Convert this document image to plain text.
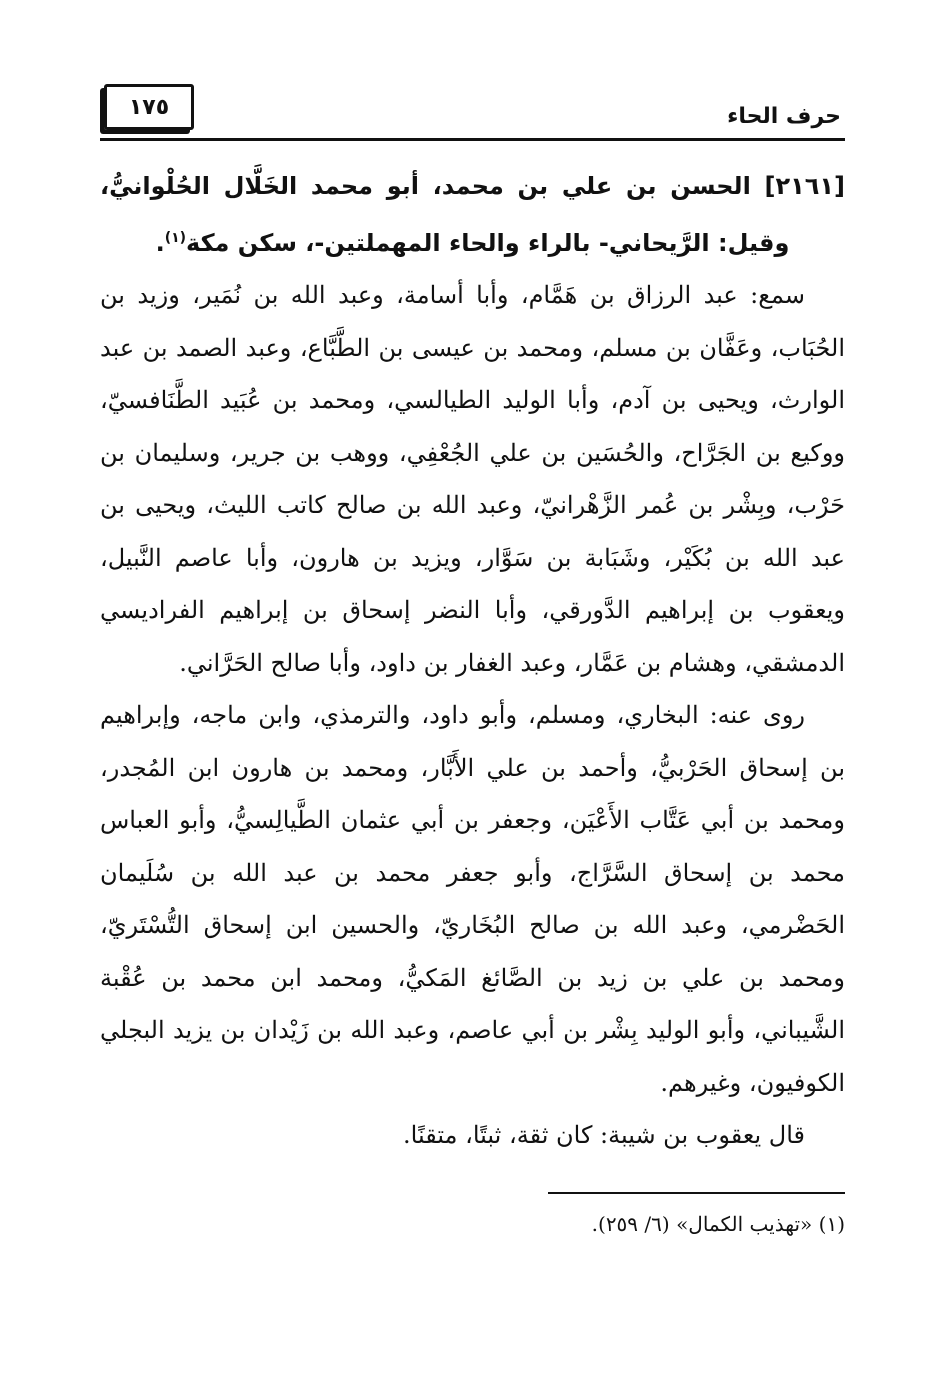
حرف الحاء
١٧٥

[٢١٦١] الحسن بن علي بن محمد، أبو محمد الخَلَّال الحُلْوانيُّ، وقيل: الرَّيحاني- بالراء والحاء المهملتين-، سكن مكة$^{(١)}$.

سمع: عبد الرزاق بن هَمَّام، وأبا أسامة، وعبد الله بن نُمَير، وزيد بن الحُبَاب، وعَفَّان بن مسلم، ومحمد بن عيسى بن الطَّبَّاع، وعبد الصمد بن عبد الوارث، ويحيى بن آدم، وأبا الوليد الطيالسي، ومحمد بن عُبَيد الطَّنَافسيّ، ووكيع بن الجَرَّاح، والحُسَين بن علي الجُعْفِي، ووهب بن جرير، وسليمان بن حَرْب، وبِشْر بن عُمر الزَّهْرانيّ، وعبد الله بن صالح كاتب الليث، ويحيى بن عبد الله بن بُكَيْر، وشَبَابة بن سَوَّار، ويزيد بن هارون، وأبا عاصم النَّبيل، ويعقوب بن إبراهيم الدَّورقي، وأبا النضر إسحاق بن إبراهيم الفراديسي الدمشقي، وهشام بن عَمَّار، وعبد الغفار بن داود، وأبا صالح الحَرَّاني.

روى عنه: البخاري، ومسلم، وأبو داود، والترمذي، وابن ماجه، وإبراهيم بن إسحاق الحَرْبيُّ، وأحمد بن علي الأَبَّار، ومحمد بن هارون ابن المُجدر، ومحمد بن أبي عَتَّاب الأَعْيَن، وجعفر بن أبي عثمان الطَّيالِسيُّ، وأبو العباس محمد بن إسحاق السَّرَّاج، وأبو جعفر محمد بن عبد الله بن سُلَيمان الحَضْرمي، وعبد الله بن صالح البُخَاريّ، والحسين ابن إسحاق التُّسْتَريّ، ومحمد بن علي بن زيد بن الصَّائغ المَكيُّ، ومحمد ابن محمد بن عُقْبة الشَّيباني، وأبو الوليد بِشْر بن أبي عاصم، وعبد الله بن زَيْدان بن يزيد البجلي الكوفيون، وغيرهم.

قال يعقوب بن شيبة: كان ثقة، ثبتًا، متقنًا.

(١) «تهذيب الكمال» (٦/ ٢٥٩).
